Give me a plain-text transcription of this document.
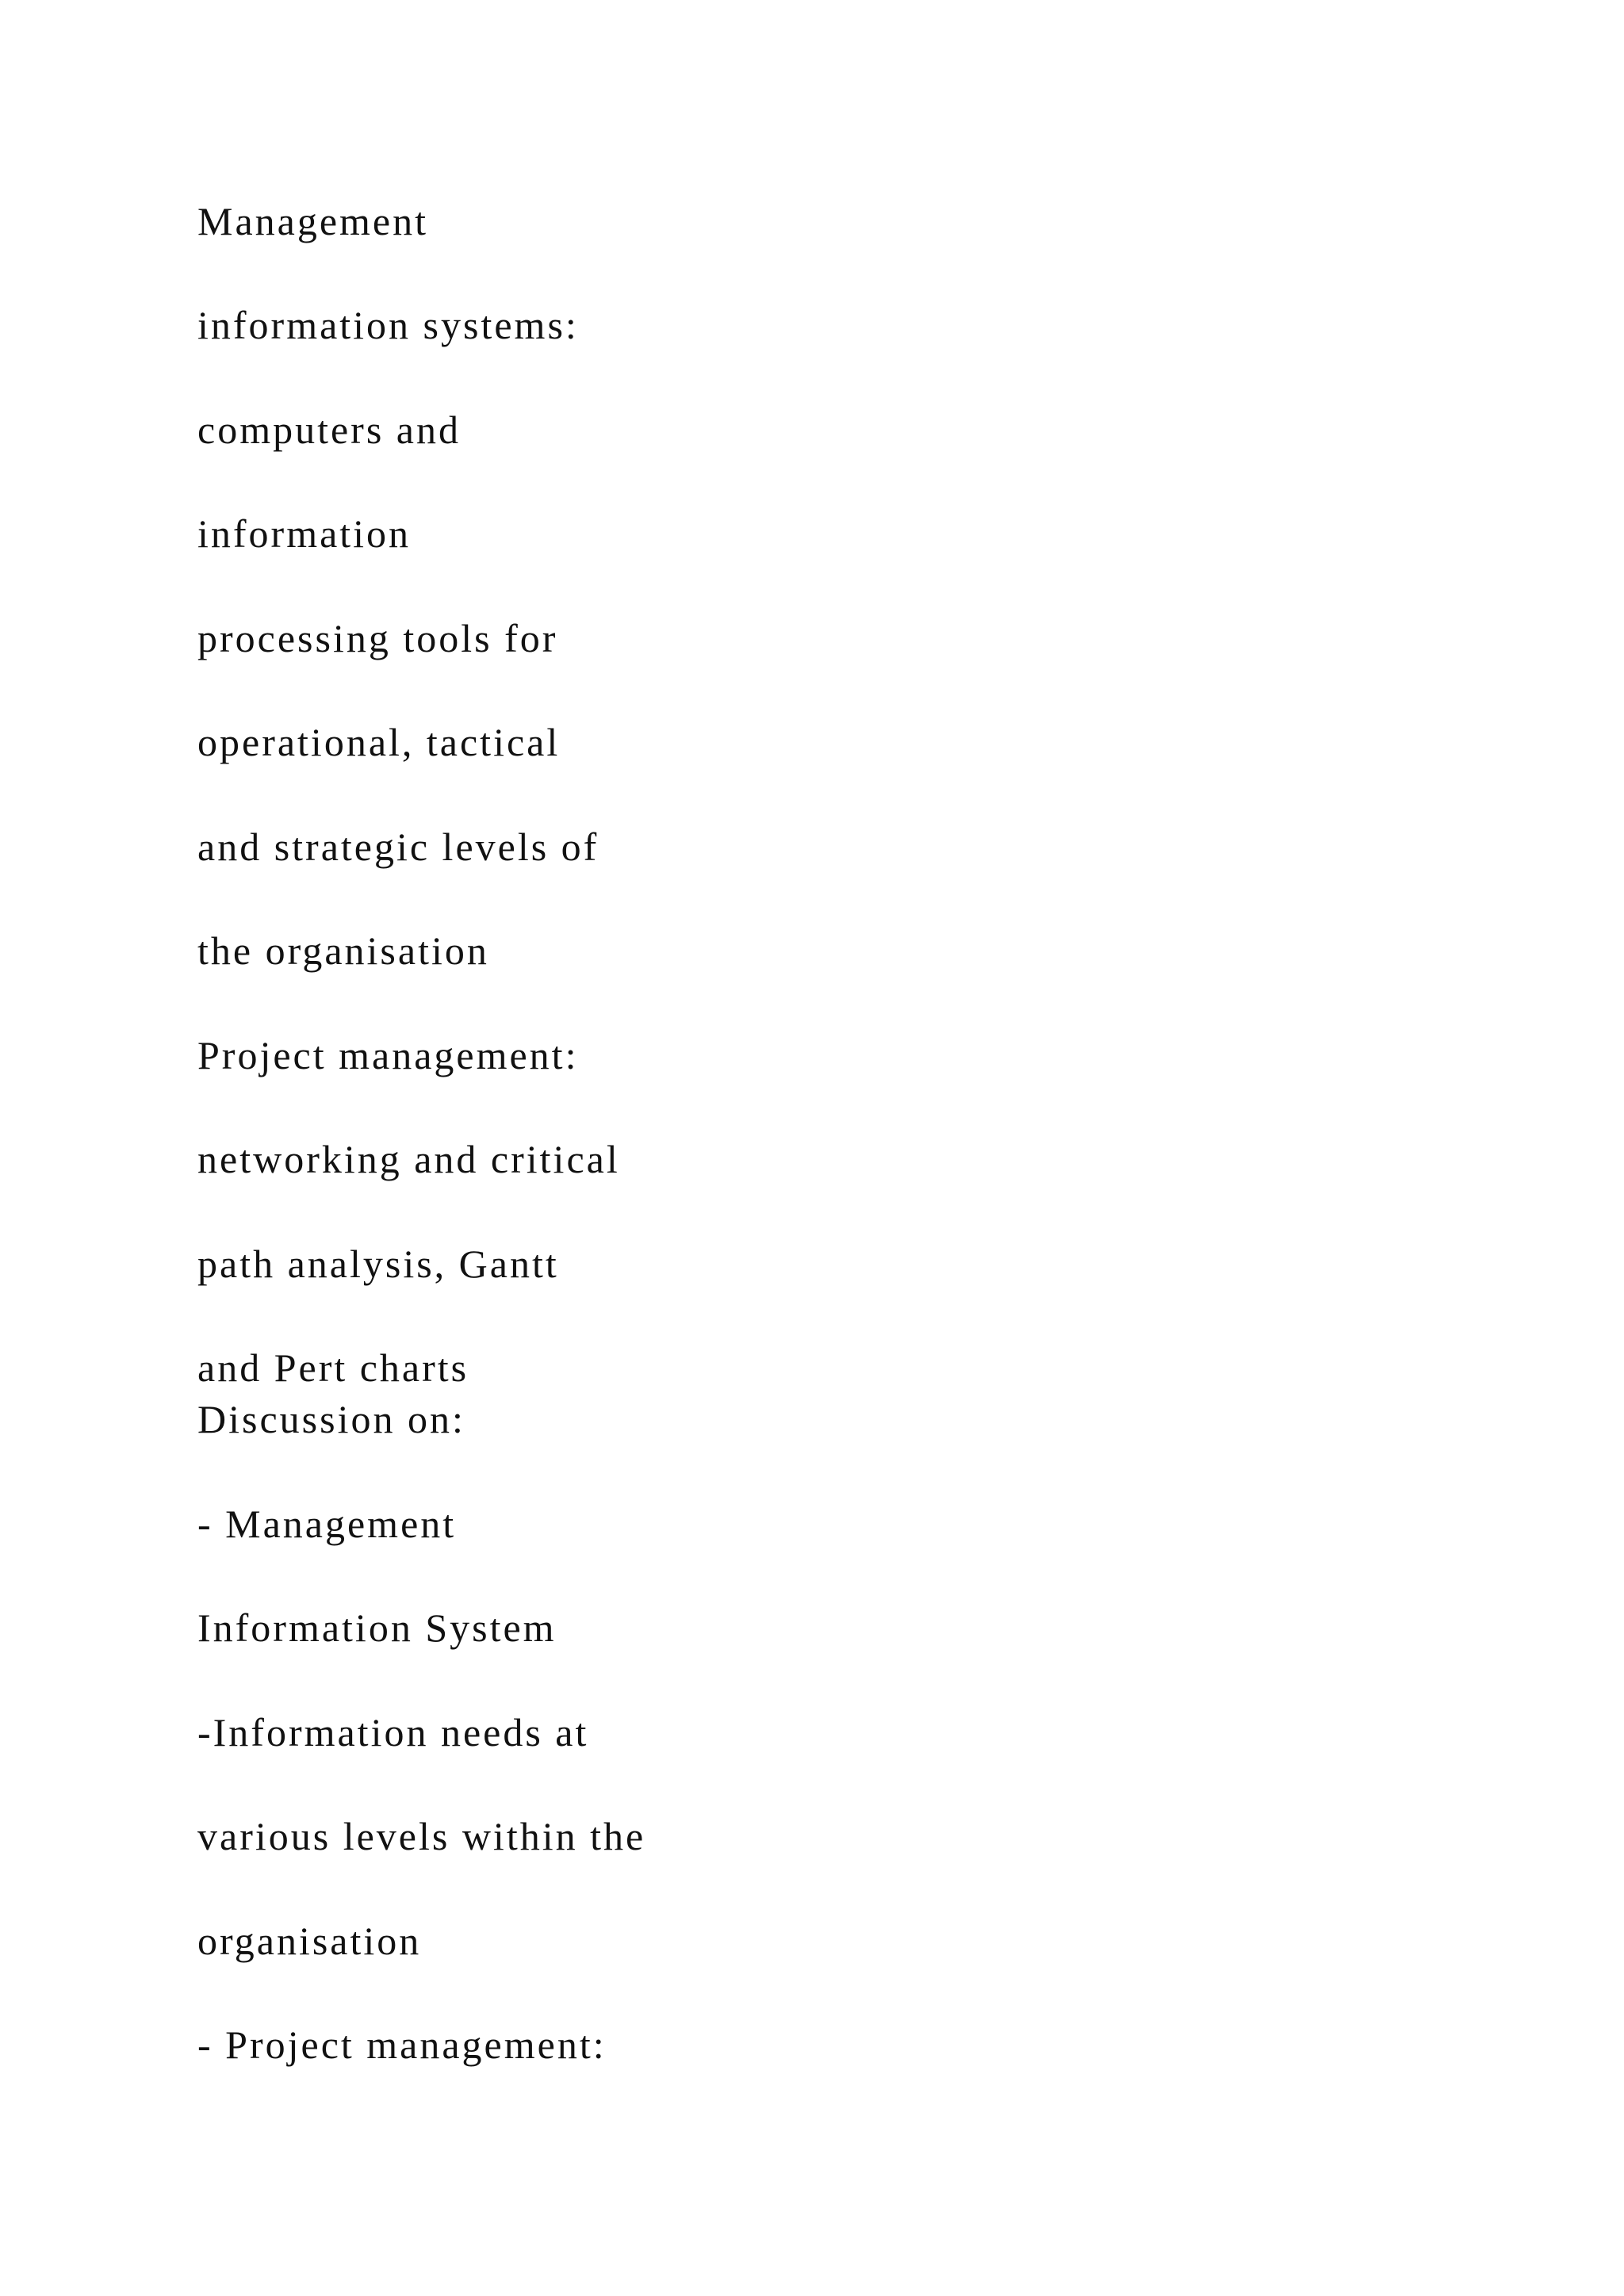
Management

information systems:

computers and

information

processing tools for

operational, tactical

and strategic levels of

the organisation

Project management:

networking and critical

path analysis, Gantt

and Pert charts

Discussion on:

- Management

Information System

-Information needs at

various levels within the

organisation

- Project management:
